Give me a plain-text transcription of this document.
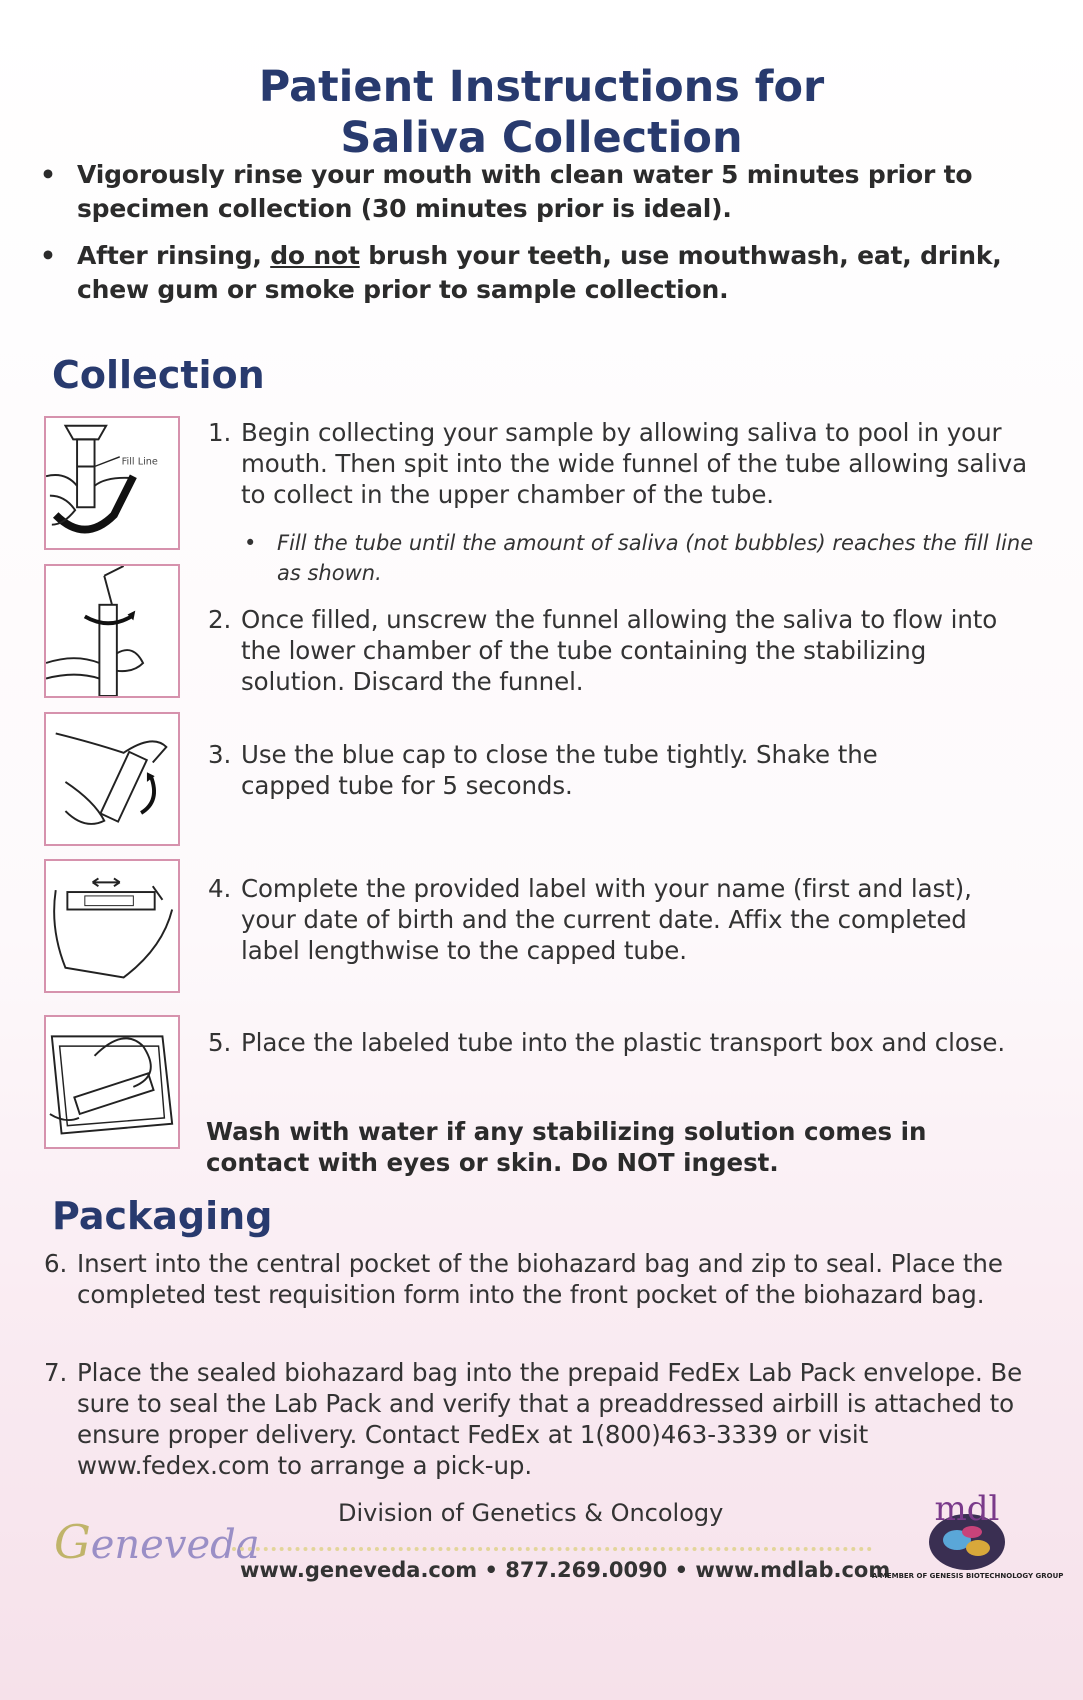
Patient Instructions for
Saliva Collection
• Vigorously rinse your mouth with clean water 5 minutes prior to specimen collection (30 minutes prior is ideal).
• After rinsing, do not brush your teeth, use mouthwash, eat, drink, chew gum or smoke prior to sample collection.
Collection
Fill Line
1. Begin collecting your sample by allowing saliva to pool in your mouth. Then spit into the wide funnel of the tube allowing saliva to collect in the upper chamber of the tube.
• Fill the tube until the amount of saliva (not bubbles) reaches the fill line as shown.
2. Once filled, unscrew the funnel allowing the saliva to flow into the lower chamber of the tube containing the stabilizing solution. Discard the funnel.
3. Use the blue cap to close the tube tightly. Shake the capped tube for 5 seconds.
4. Complete the provided label with your name (first and last), your date of birth and the current date. Affix the completed label lengthwise to the capped tube.
5. Place the labeled tube into the plastic transport box and close.
Wash with water if any stabilizing solution comes in contact with eyes or skin. Do NOT ingest.
Packaging
6. Insert into the central pocket of the biohazard bag and zip to seal. Place the completed test requisition form into the front pocket of the biohazard bag.
7. Place the sealed biohazard bag into the prepaid FedEx Lab Pack envelope. Be sure to seal the Lab Pack and verify that a preaddressed airbill is attached to ensure proper delivery. Contact FedEx at 1(800)463-3339 or visit www.fedex.com to arrange a pick-up.
Geneveda
Division of Genetics & Oncology
www.geneveda.com • 877.269.0090 • www.mdlab.com
mdl
A MEMBER OF GENESIS BIOTECHNOLOGY GROUP
